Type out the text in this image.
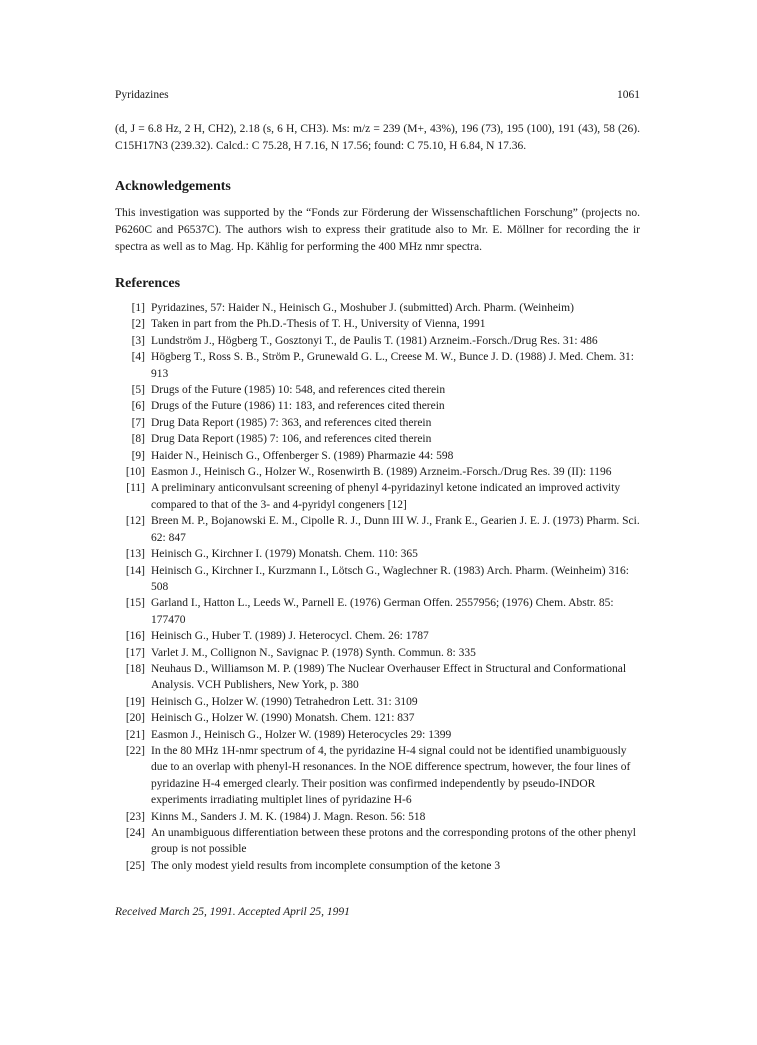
Pyridazines	1061

(d, J = 6.8 Hz, 2 H, CH2), 2.18 (s, 6 H, CH3). Ms: m/z = 239 (M+, 43%), 196 (73), 195 (100), 191 (43), 58 (26). C15H17N3 (239.32). Calcd.: C 75.28, H 7.16, N 17.56; found: C 75.10, H 6.84, N 17.36.

Acknowledgements

This investigation was supported by the “Fonds zur Förderung der Wissenschaftlichen Forschung” (projects no. P6260C and P6537C). The authors wish to express their gratitude also to Mr. E. Möllner for recording the ir spectra as well as to Mag. Hp. Kählig for performing the 400 MHz nmr spectra.

References
[1] Pyridazines, 57: Haider N., Heinisch G., Moshuber J. (submitted) Arch. Pharm. (Weinheim)
[2] Taken in part from the Ph.D.-Thesis of T. H., University of Vienna, 1991
[3] Lundström J., Högberg T., Gosztonyi T., de Paulis T. (1981) Arzneim.-Forsch./Drug Res. 31: 486
[4] Högberg T., Ross S. B., Ström P., Grunewald G. L., Creese M. W., Bunce J. D. (1988) J. Med. Chem. 31: 913
[5] Drugs of the Future (1985) 10: 548, and references cited therein
[6] Drugs of the Future (1986) 11: 183, and references cited therein
[7] Drug Data Report (1985) 7: 363, and references cited therein
[8] Drug Data Report (1985) 7: 106, and references cited therein
[9] Haider N., Heinisch G., Offenberger S. (1989) Pharmazie 44: 598
[10] Easmon J., Heinisch G., Holzer W., Rosenwirth B. (1989) Arzneim.-Forsch./Drug Res. 39 (II): 1196
[11] A preliminary anticonvulsant screening of phenyl 4-pyridazinyl ketone indicated an improved activity compared to that of the 3- and 4-pyridyl congeners [12]
[12] Breen M. P., Bojanowski E. M., Cipolle R. J., Dunn III W. J., Frank E., Gearien J. E. J. (1973) Pharm. Sci. 62: 847
[13] Heinisch G., Kirchner I. (1979) Monatsh. Chem. 110: 365
[14] Heinisch G., Kirchner I., Kurzmann I., Lötsch G., Waglechner R. (1983) Arch. Pharm. (Weinheim) 316: 508
[15] Garland I., Hatton L., Leeds W., Parnell E. (1976) German Offen. 2557956; (1976) Chem. Abstr. 85: 177470
[16] Heinisch G., Huber T. (1989) J. Heterocycl. Chem. 26: 1787
[17] Varlet J. M., Collignon N., Savignac P. (1978) Synth. Commun. 8: 335
[18] Neuhaus D., Williamson M. P. (1989) The Nuclear Overhauser Effect in Structural and Conformational Analysis. VCH Publishers, New York, p. 380
[19] Heinisch G., Holzer W. (1990) Tetrahedron Lett. 31: 3109
[20] Heinisch G., Holzer W. (1990) Monatsh. Chem. 121: 837
[21] Easmon J., Heinisch G., Holzer W. (1989) Heterocycles 29: 1399
[22] In the 80 MHz 1H-nmr spectrum of 4, the pyridazine H-4 signal could not be identified unambiguously due to an overlap with phenyl-H resonances. In the NOE difference spectrum, however, the four lines of pyridazine H-4 emerged clearly. Their position was confirmed independently by pseudo-INDOR experiments irradiating multiplet lines of pyridazine H-6
[23] Kinns M., Sanders J. M. K. (1984) J. Magn. Reson. 56: 518
[24] An unambiguous differentiation between these protons and the corresponding protons of the other phenyl group is not possible
[25] The only modest yield results from incomplete consumption of the ketone 3

Received March 25, 1991. Accepted April 25, 1991
